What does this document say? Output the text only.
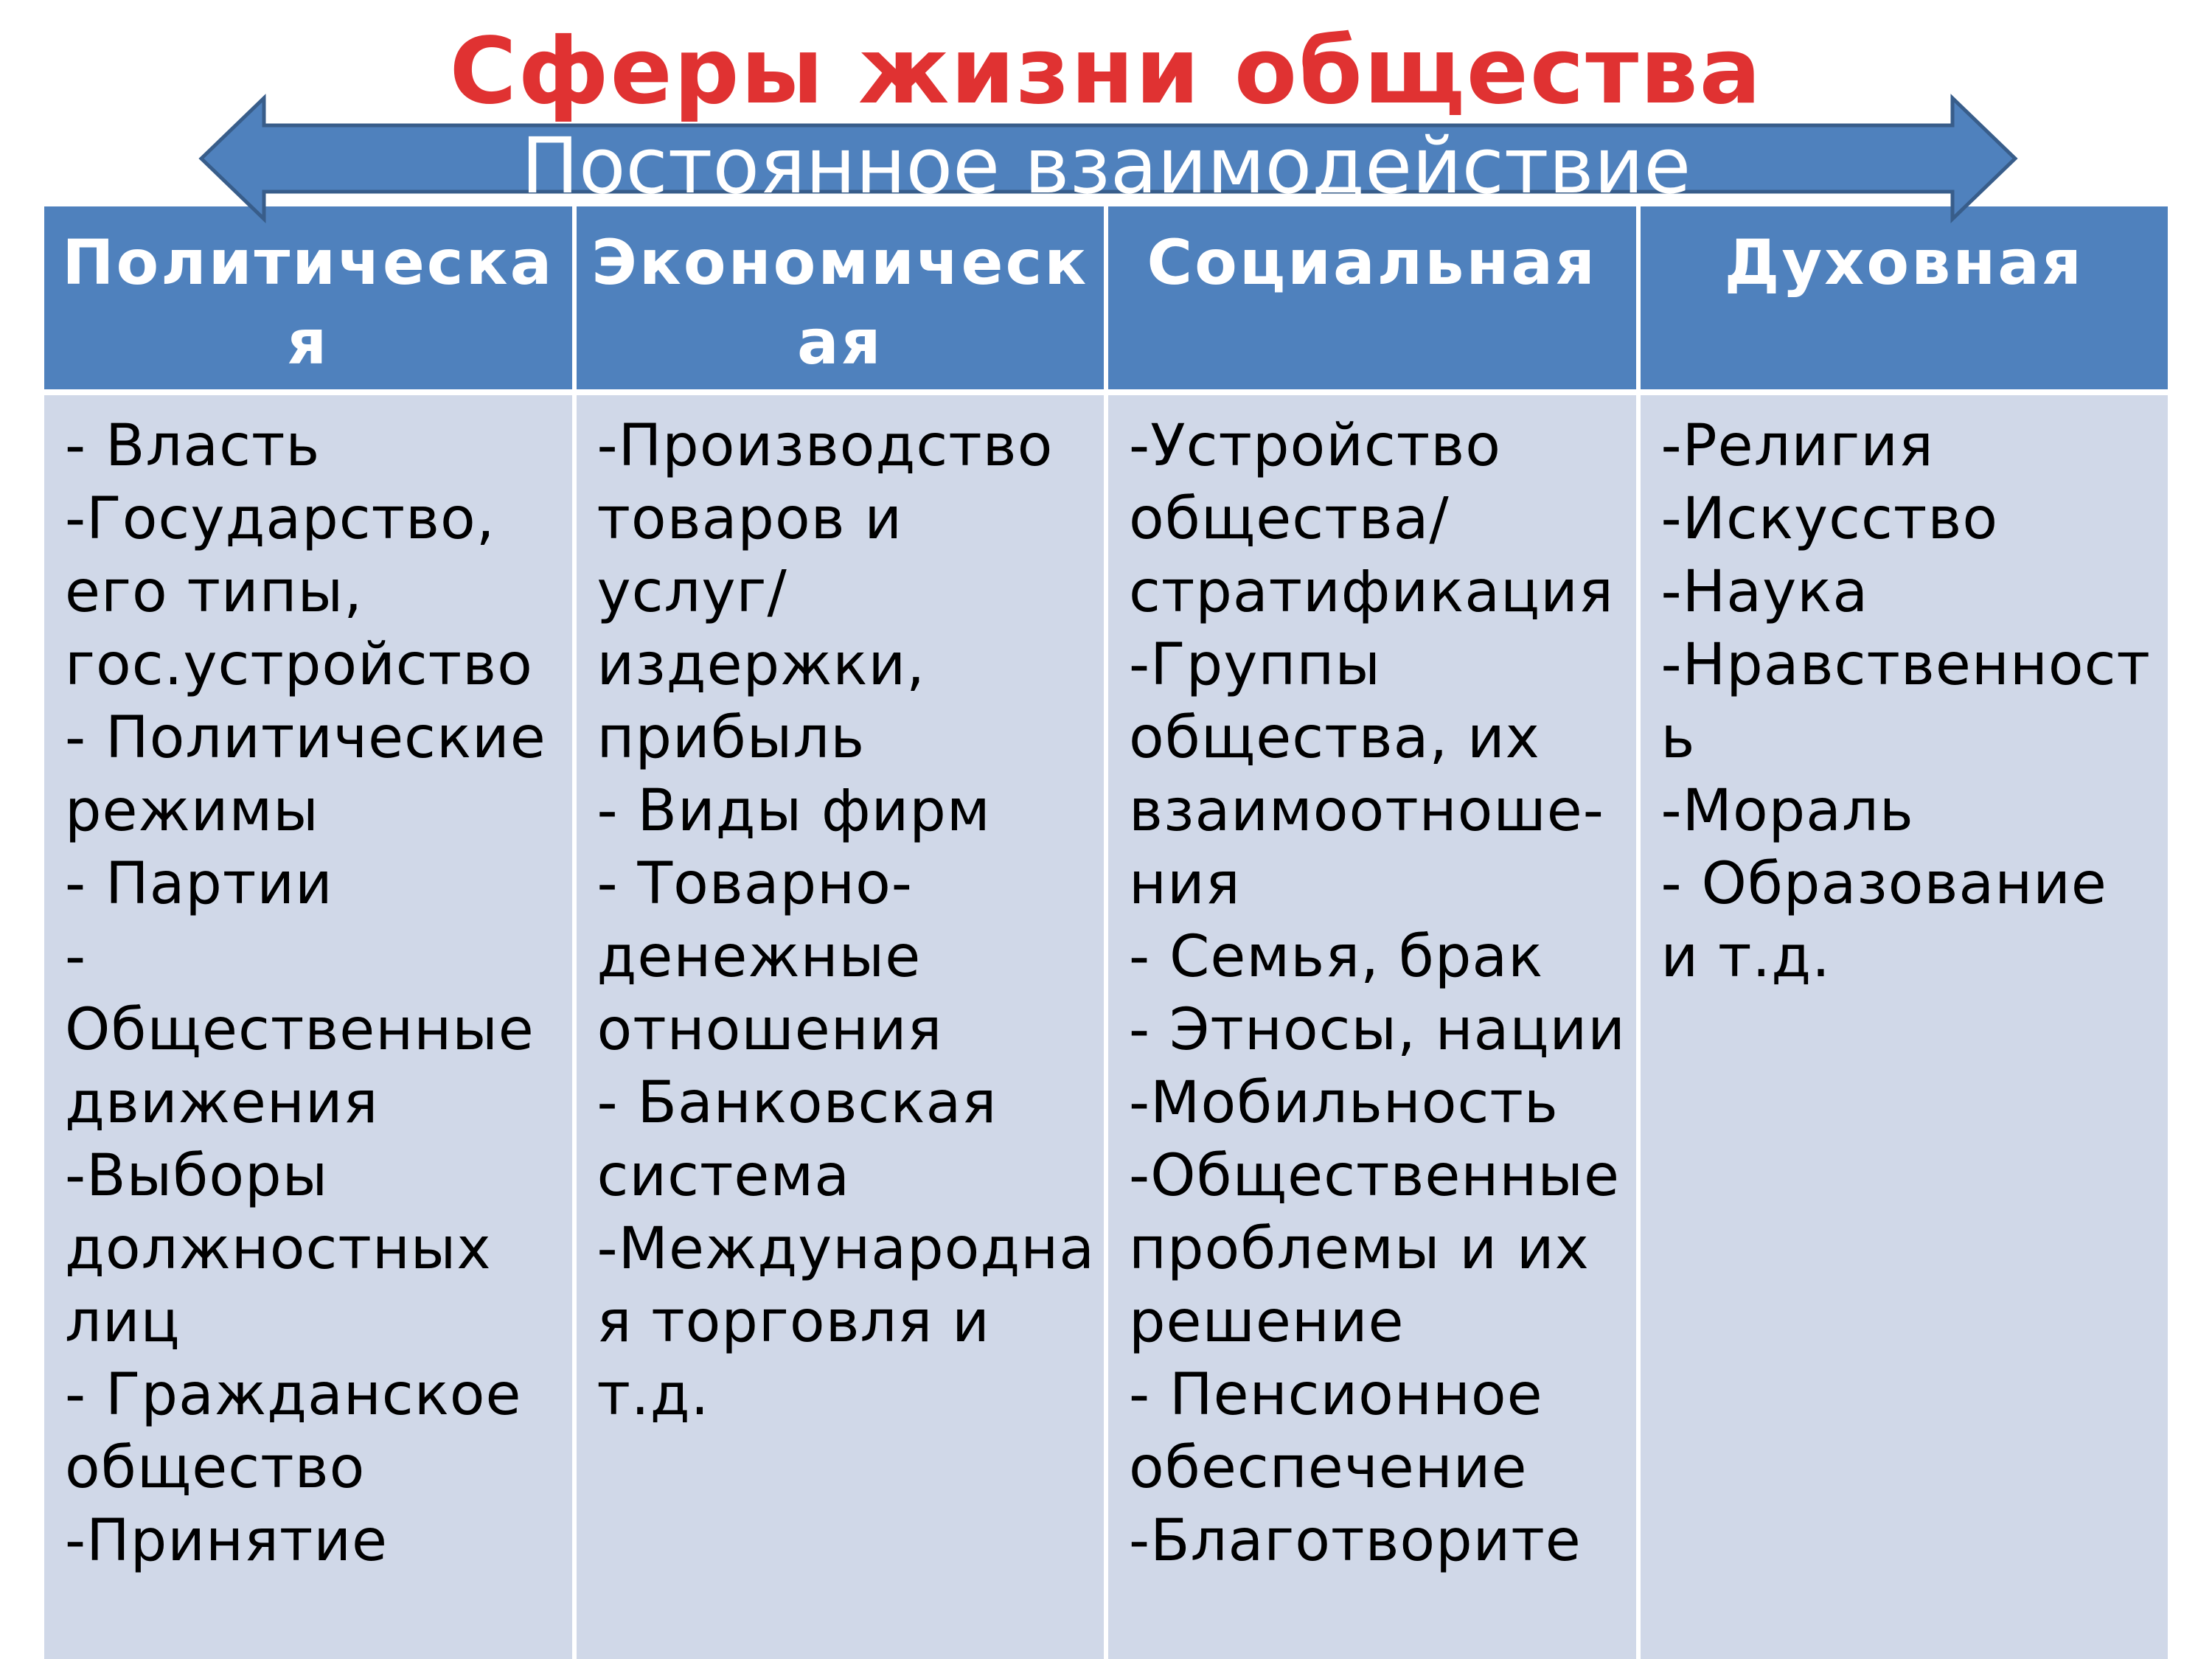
Сферы жизни общества
Постоянное взаимодействие
Политическая
Экономическая
Социальная	Духовная
- Власть
-Государство, его типы, гос.устройство
- Политические режимы
- Партии
- Общественные движения
-Выборы должностных лиц
- Гражданское общество
-Принятие
-Производство товаров и услуг/ издержки, прибыль
- Виды фирм
- Товарно-денежные отношения
- Банковская система
-Международная торговля и т.д.
-Устройство общества/ стратификация
-Группы общества, их взаимоотноше-ния
- Семья, брак
- Этносы, нации
-Мобильность
-Общественные проблемы и их решение
- Пенсионное обеспечение
-Благотворите
-Религия
-Искусство
-Наука
-Нравственность
-Мораль
- Образование и т.д.
